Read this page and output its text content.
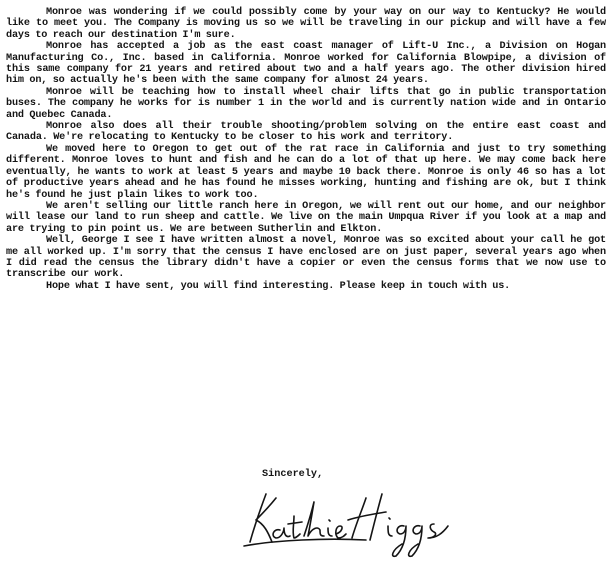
Monroe was wondering if we could possibly come by your way on our way to Kentucky? He would like to meet you. The Company is moving us so we will be traveling in our pickup and will have a few days to reach our destination I'm sure.

Monroe has accepted a job as the east coast manager of Lift-U Inc., a Division on Hogan Manufacturing Co., Inc. based in California. Monroe worked for California Blowpipe, a division of this same company for 21 years and retired about two and a half years ago. The other division hired him on, so actually he's been with the same company for almost 24 years.

Monroe will be teaching how to install wheel chair lifts that go in public transportation buses. The company he works for is number 1 in the world and is currently nation wide and in Ontario and Quebec Canada.

Monroe also does all their trouble shooting/problem solving on the entire east coast and Canada. We're relocating to Kentucky to be closer to his work and territory.

We moved here to Oregon to get out of the rat race in California and just to try something different. Monroe loves to hunt and fish and he can do a lot of that up here. We may come back here eventually, he wants to work at least 5 years and maybe 10 back there. Monroe is only 46 so has a lot of productive years ahead and he has found he misses working, hunting and fishing are ok, but I think he's found he just plain likes to work too.

We aren't selling our little ranch here in Oregon, we will rent out our home, and our neighbor will lease our land to run sheep and cattle. We live on the main Umpqua River if you look at a map and are trying to pin point us. We are between Sutherlin and Elkton.

Well, George I see I have written almost a novel, Monroe was so excited about your call he got me all worked up. I'm sorry that the census I have enclosed are on just paper, several years ago when I did read the census the library didn't have a copier or even the census forms that we now use to transcribe our work.

Hope what I have sent, you will find interesting. Please keep in touch with us.

Sincerely,
